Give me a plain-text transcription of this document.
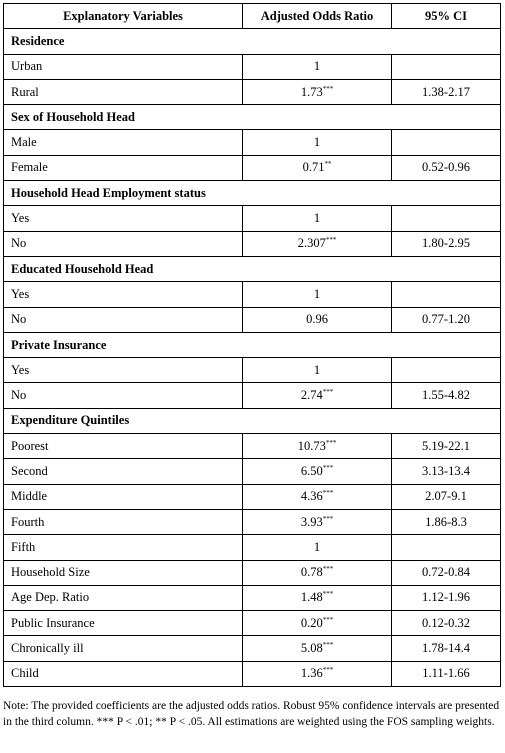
Explanatory Variables	Adjusted Odds Ratio	95% CI
Residence		
Urban	1	
Rural	1.73***	1.38-2.17
Sex of Household Head		
Male	1	
Female	0.71**	0.52-0.96
Household Head Employment status		
Yes	1	
No	2.307***	1.80-2.95
Educated Household Head		
Yes	1	
No	0.96	0.77-1.20
Private Insurance		
Yes	1	
No	2.74***	1.55-4.82
Expenditure Quintiles		
Poorest	10.73***	5.19-22.1
Second	6.50***	3.13-13.4
Middle	4.36***	2.07-9.1
Fourth	3.93***	1.86-8.3
Fifth	1	
Household Size	0.78***	0.72-0.84
Age Dep. Ratio	1.48***	1.12-1.96
Public Insurance	0.20***	0.12-0.32
Chronically ill	5.08***	1.78-14.4
Child	1.36***	1.11-1.66
Note: The provided coefficients are the adjusted odds ratios. Robust 95% confidence intervals are presented in the third column. *** P < .01; ** P < .05. All estimations are weighted using the FOS sampling weights.
